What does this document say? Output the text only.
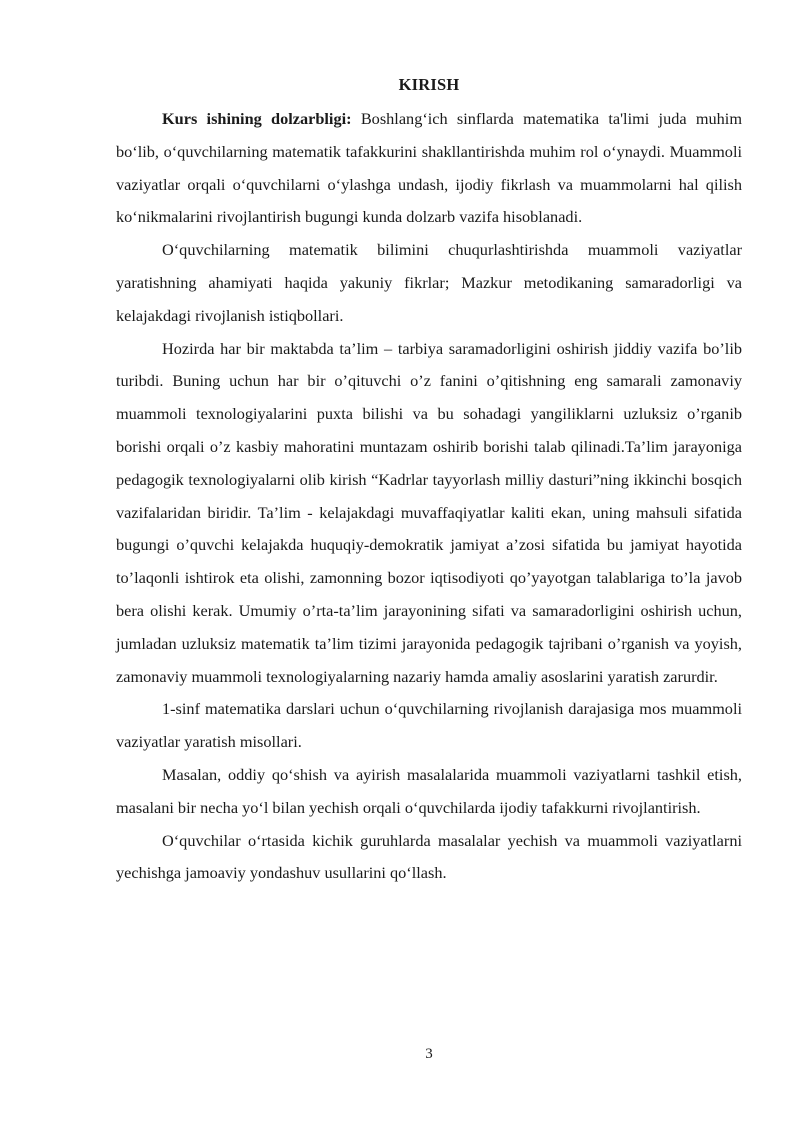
KIRISH

Kurs ishining dolzarbligi: Boshlang‘ich sinflarda matematika ta'limi juda muhim bo‘lib, o‘quvchilarning matematik tafakkurini shakllantirishda muhim rol o‘ynaydi. Muammoli vaziyatlar orqali o‘quvchilarni o‘ylashga undash, ijodiy fikrlash va muammolarni hal qilish ko‘nikmalarini rivojlantirish bugungi kunda dolzarb vazifa hisoblanadi.

O‘quvchilarning matematik bilimini chuqurlashtirishda muammoli vaziyatlar yaratishning ahamiyati haqida yakuniy fikrlar; Mazkur metodikaning samaradorligi va kelajakdagi rivojlanish istiqbollari.

Hozirda har bir maktabda ta’lim – tarbiya saramadorligini oshirish jiddiy vazifa bo’lib turibdi. Buning uchun har bir o’qituvchi o’z fanini o’qitishning eng samarali zamonaviy muammoli texnologiyalarini puxta bilishi va bu sohadagi yangiliklarni uzluksiz o’rganib borishi orqali o’z kasbiy mahoratini muntazam oshirib borishi talab qilinadi.Ta’lim jarayoniga pedagogik texnologiyalarni olib kirish “Kadrlar tayyorlash milliy dasturi”ning ikkinchi bosqich vazifalaridan biridir. Ta’lim - kelajakdagi muvaffaqiyatlar kaliti ekan, uning mahsuli sifatida bugungi o’quvchi kelajakda huquqiy-demokratik jamiyat a’zosi sifatida bu jamiyat hayotida to’laqonli ishtirok eta olishi, zamonning bozor iqtisodiyoti qo’yayotgan talablariga to’la javob bera olishi kerak. Umumiy o’rta-ta’lim jarayonining sifati va samaradorligini oshirish uchun, jumladan uzluksiz matematik ta’lim tizimi jarayonida pedagogik tajribani o’rganish va yoyish, zamonaviy muammoli texnologiyalarning nazariy hamda amaliy asoslarini yaratish zarurdir.

1-sinf matematika darslari uchun o‘quvchilarning rivojlanish darajasiga mos muammoli vaziyatlar yaratish misollari.

Masalan, oddiy qo‘shish va ayirish masalalarida muammoli vaziyatlarni tashkil etish, masalani bir necha yo‘l bilan yechish orqali o‘quvchilarda ijodiy tafakkurni rivojlantirish.

O‘quvchilar o‘rtasida kichik guruhlarda masalalar yechish va muammoli vaziyatlarni yechishga jamoaviy yondashuv usullarini qo‘llash.

3
